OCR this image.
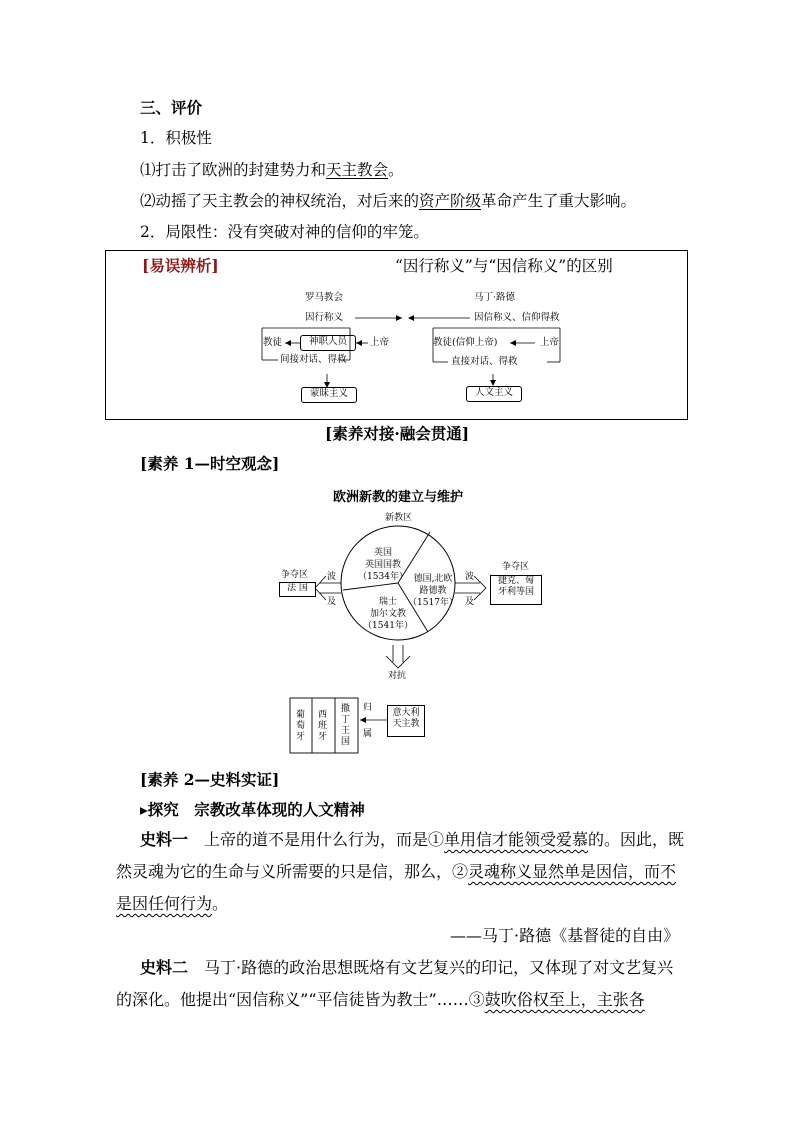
三、评价
1．积极性
⑴打击了欧洲的封建势力和天主教会。
⑵动摇了天主教会的神权统治，对后来的资产阶级革命产生了重大影响。
2．局限性：没有突破对神的信仰的牢笼。
[易误辨析]	“因行称义”与“因信称义”的区别
罗马教会
因行称义
教徒	神职人员	上帝
间接对话、得救
蒙昧主义
马丁·路德
因信称义、信仰得救
教徒(信仰上帝)	上帝
直接对话、得救
人文主义
[素养对接·融会贯通]
[素养 1—时空观念]
欧洲新教的建立与维护
新教区
英国
英国国教
（1534年） 德国,北欧
路德教
（1517年）
瑞士
加尔文教
（1541年）
争夺区
法 国
波
及
波
及
争夺区
捷克、匈
牙利等国
对抗
葡萄牙
西班牙
撒丁王国
归
属
意大利
天主教
[素养 2—史料实证]
▸探究　宗教改革体现的人文精神
史料一　上帝的道不是用什么行为，而是①单用信才能领受爱慕的。因此，既
然灵魂为它的生命与义所需要的只是信，那么，②灵魂称义显然单是因信，而不
是因任何行为。
——马丁·路德《基督徒的自由》
史料二　马丁·路德的政治思想既烙有文艺复兴的印记，又体现了对文艺复兴
的深化。他提出“因信称义”“平信徒皆为教士”……③鼓吹俗权至上，主张各
